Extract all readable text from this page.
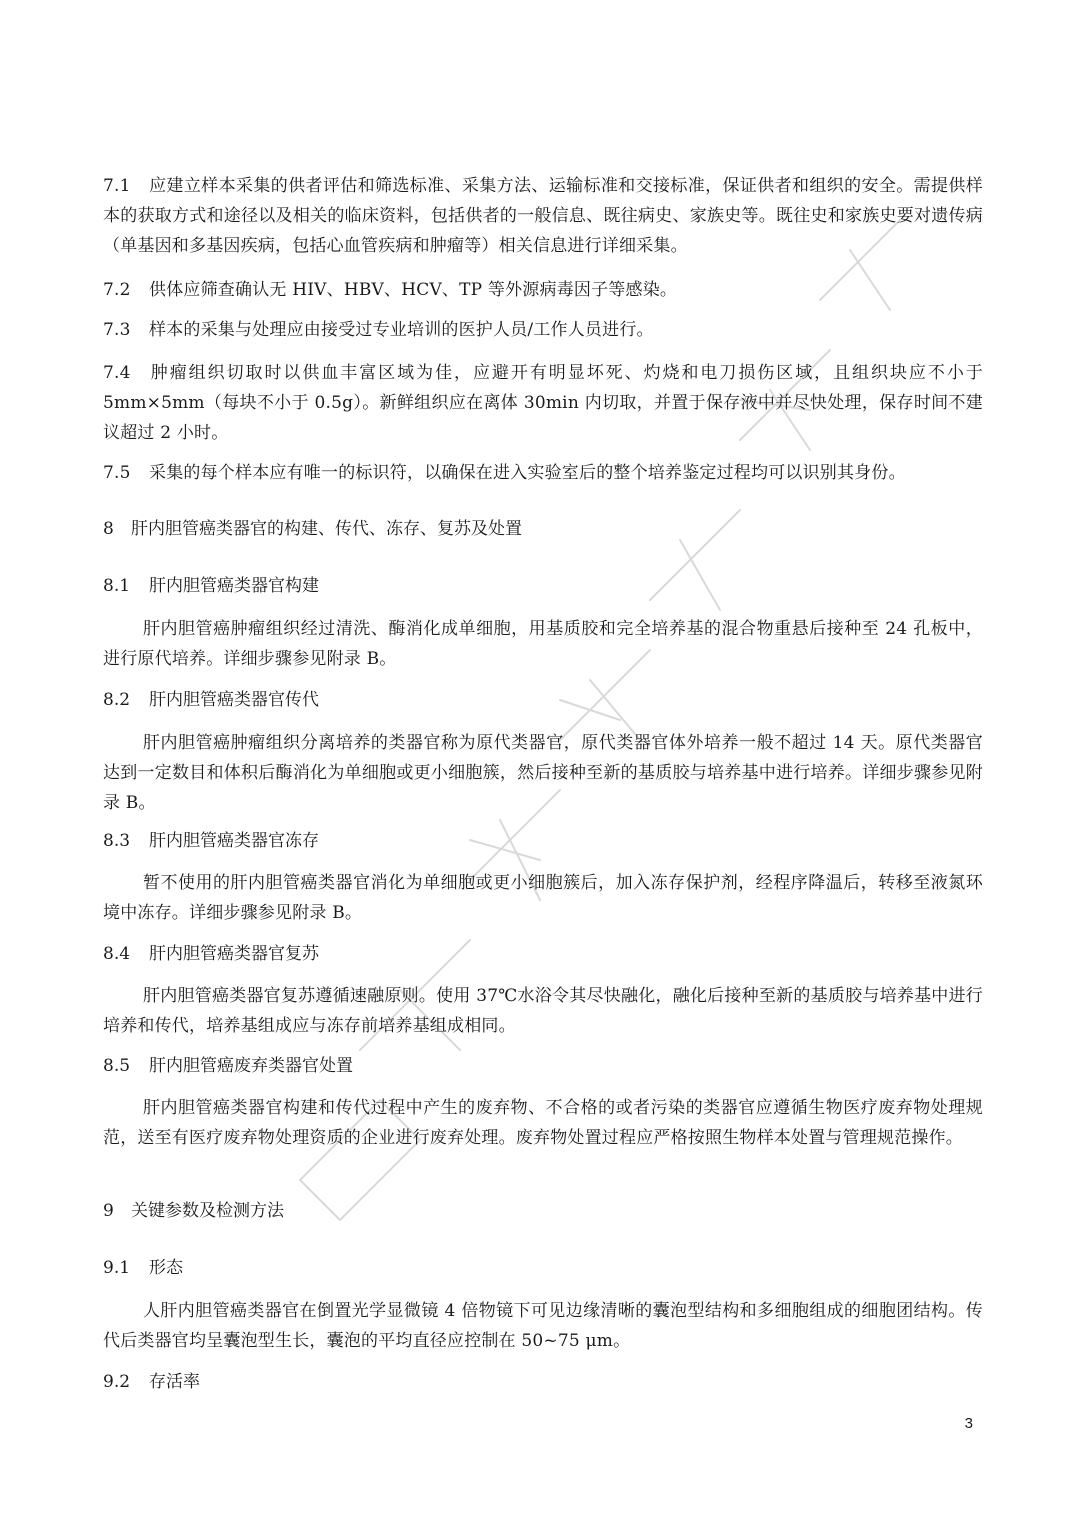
7.1 应建立样本采集的供者评估和筛选标准、采集方法、运输标准和交接标准，保证供者和组织的安全。需提供样本的获取方式和途径以及相关的临床资料，包括供者的一般信息、既往病史、家族史等。既往史和家族史要对遗传病（单基因和多基因疾病，包括心血管疾病和肿瘤等）相关信息进行详细采集。

7.2 供体应筛查确认无 HIV、HBV、HCV、TP 等外源病毒因子等感染。

7.3 样本的采集与处理应由接受过专业培训的医护人员/工作人员进行。

7.4 肿瘤组织切取时以供血丰富区域为佳，应避开有明显坏死、灼烧和电刀损伤区域，且组织块应不小于 5mm×5mm（每块不小于 0.5g）。新鲜组织应在离体 30min 内切取，并置于保存液中并尽快处理，保存时间不建议超过 2 小时。

7.5 采集的每个样本应有唯一的标识符，以确保在进入实验室后的整个培养鉴定过程均可以识别其身份。

8 肝内胆管癌类器官的构建、传代、冻存、复苏及处置
8.1 肝内胆管癌类器官构建

肝内胆管癌肿瘤组织经过清洗、酶消化成单细胞，用基质胶和完全培养基的混合物重悬后接种至 24 孔板中，进行原代培养。详细步骤参见附录 B。

8.2 肝内胆管癌类器官传代

肝内胆管癌肿瘤组织分离培养的类器官称为原代类器官，原代类器官体外培养一般不超过 14 天。原代类器官达到一定数目和体积后酶消化为单细胞或更小细胞簇，然后接种至新的基质胶与培养基中进行培养。详细步骤参见附录 B。

8.3 肝内胆管癌类器官冻存

暂不使用的肝内胆管癌类器官消化为单细胞或更小细胞簇后，加入冻存保护剂，经程序降温后，转移至液氮环境中冻存。详细步骤参见附录 B。

8.4 肝内胆管癌类器官复苏

肝内胆管癌类器官复苏遵循速融原则。使用 37℃水浴令其尽快融化，融化后接种至新的基质胶与培养基中进行培养和传代，培养基组成应与冻存前培养基组成相同。

8.5 肝内胆管癌废弃类器官处置

肝内胆管癌类器官构建和传代过程中产生的废弃物、不合格的或者污染的类器官应遵循生物医疗废弃物处理规范，送至有医疗废弃物处理资质的企业进行废弃处理。废弃物处置过程应严格按照生物样本处置与管理规范操作。

9 关键参数及检测方法
9.1 形态

人肝内胆管癌类器官在倒置光学显微镜 4 倍物镜下可见边缘清晰的囊泡型结构和多细胞组成的细胞团结构。传代后类器官均呈囊泡型生长，囊泡的平均直径应控制在 50~75 μm。

9.2 存活率
3
